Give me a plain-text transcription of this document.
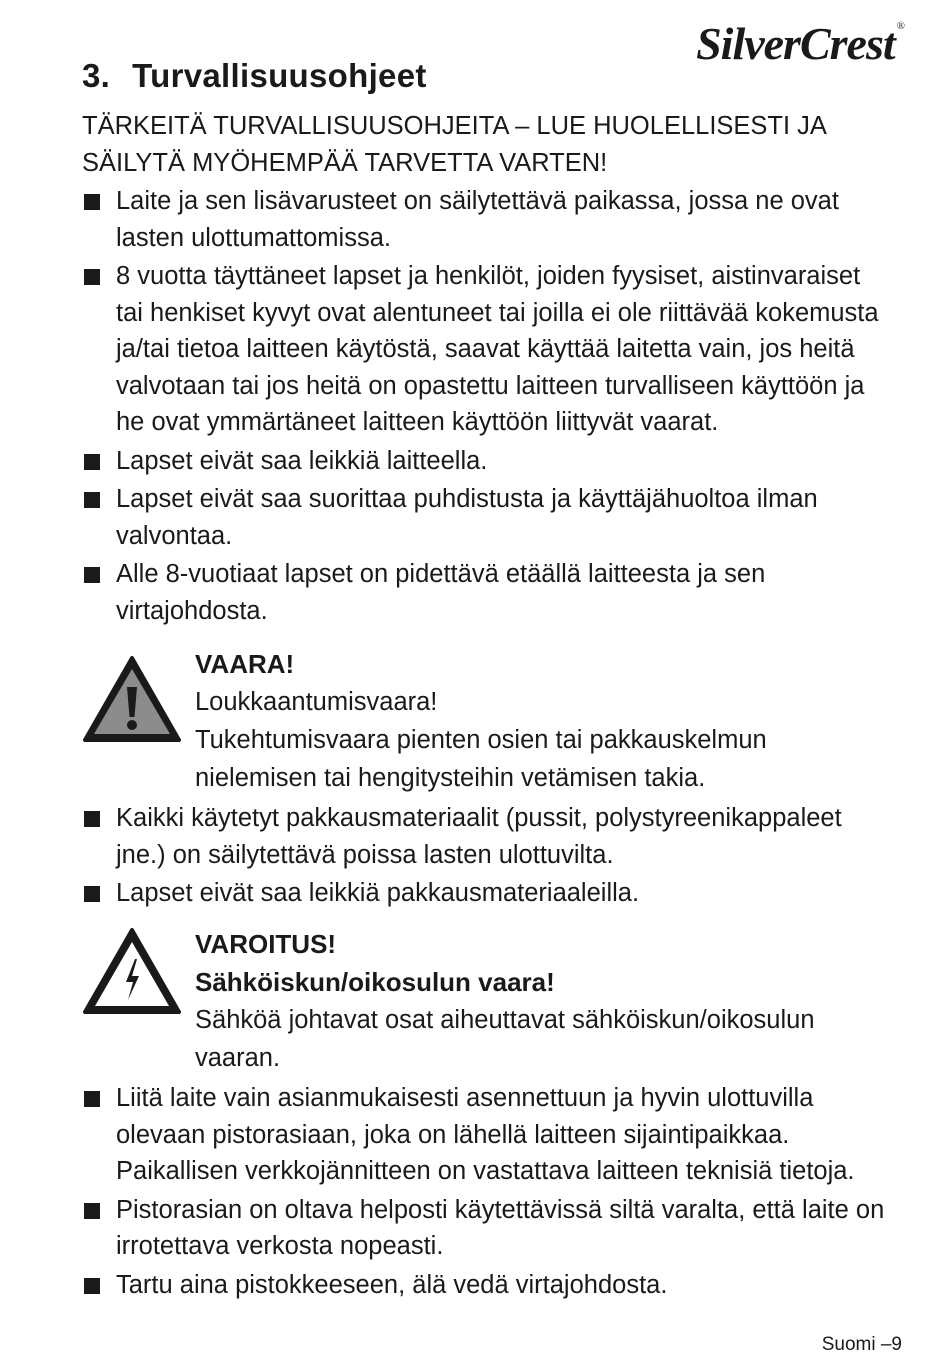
SilverCrest ®
3. Turvallisuusohjeet
TÄRKEITÄ TURVALLISUUSOHJEITA – LUE HUOLELLISESTI JA SÄILYTÄ MYÖHEMPÄÄ TARVETTA VARTEN!
Laite ja sen lisävarusteet on säilytettävä paikassa, jossa ne ovat lasten ulottumattomissa.
8 vuotta täyttäneet lapset ja henkilöt, joiden fyysiset, aistinvaraiset tai henkiset kyvyt ovat alentuneet tai joilla ei ole riittävää kokemusta ja/tai tietoa laitteen käytöstä, saavat käyttää laitetta vain, jos heitä valvotaan tai jos heitä on opastettu laitteen turvalliseen käyttöön ja he ovat ymmärtäneet laitteen käyttöön liittyvät vaarat.
Lapset eivät saa leikkiä laitteella.
Lapset eivät saa suorittaa puhdistusta ja käyttäjähuoltoa ilman valvontaa.
Alle 8-vuotiaat lapset on pidettävä etäällä laitteesta ja sen virtajohdosta.
VAARA!
Loukkaantumisvaara!
Tukehtumisvaara pienten osien tai pakkauskelmun nielemisen tai hengitysteihin vetämisen takia.
Kaikki käytetyt pakkausmateriaalit (pussit, polystyreenikappaleet jne.) on säilytettävä poissa lasten ulottuvilta.
Lapset eivät saa leikkiä pakkausmateriaaleilla.
VAROITUS!
Sähköiskun/oikosulun vaara!
Sähköä johtavat osat aiheuttavat sähköiskun/oikosulun vaaran.
Liitä laite vain asianmukaisesti asennettuun ja hyvin ulottuvilla olevaan pistorasiaan, joka on lähellä laitteen sijaintipaikkaa. Paikallisen verkkojännitteen on vastattava laitteen teknisiä tietoja.
Pistorasian on oltava helposti käytettävissä siltä varalta, että laite on irrotettava verkosta nopeasti.
Tartu aina pistokkeeseen, älä vedä virtajohdosta.
Suomi –9
